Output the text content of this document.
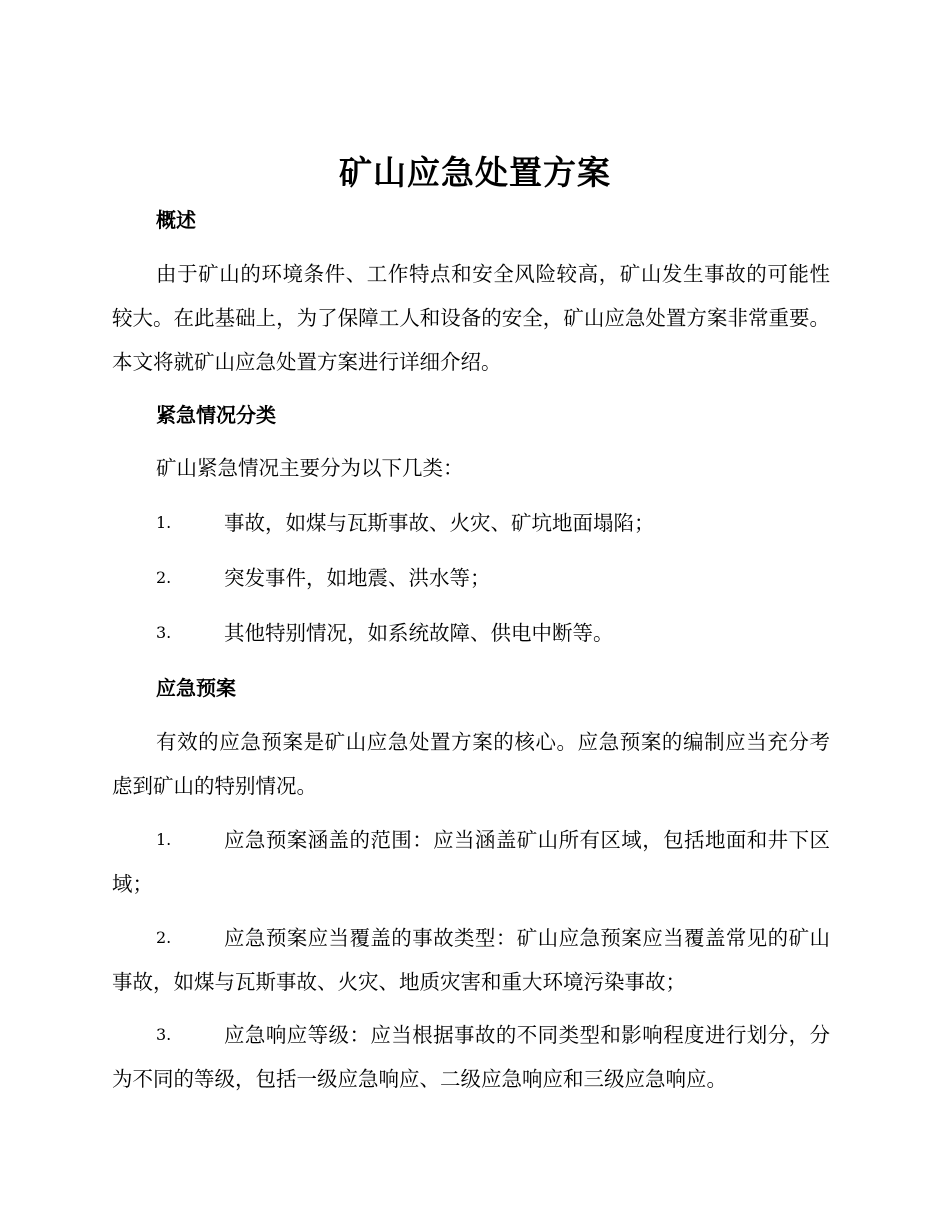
矿山应急处置方案
概述
由于矿山的环境条件、工作特点和安全风险较高，矿山发生事故的可能性较大。在此基础上，为了保障工人和设备的安全，矿山应急处置方案非常重要。本文将就矿山应急处置方案进行详细介绍。
紧急情况分类
矿山紧急情况主要分为以下几类：
1.	事故，如煤与瓦斯事故、火灾、矿坑地面塌陷；
2.	突发事件，如地震、洪水等；
3.	其他特别情况，如系统故障、供电中断等。
应急预案
有效的应急预案是矿山应急处置方案的核心。应急预案的编制应当充分考虑到矿山的特别情况。
1.	应急预案涵盖的范围：应当涵盖矿山所有区域，包括地面和井下区域；
2.	应急预案应当覆盖的事故类型：矿山应急预案应当覆盖常见的矿山事故，如煤与瓦斯事故、火灾、地质灾害和重大环境污染事故；
3.	应急响应等级：应当根据事故的不同类型和影响程度进行划分，分为不同的等级，包括一级应急响应、二级应急响应和三级应急响应。
